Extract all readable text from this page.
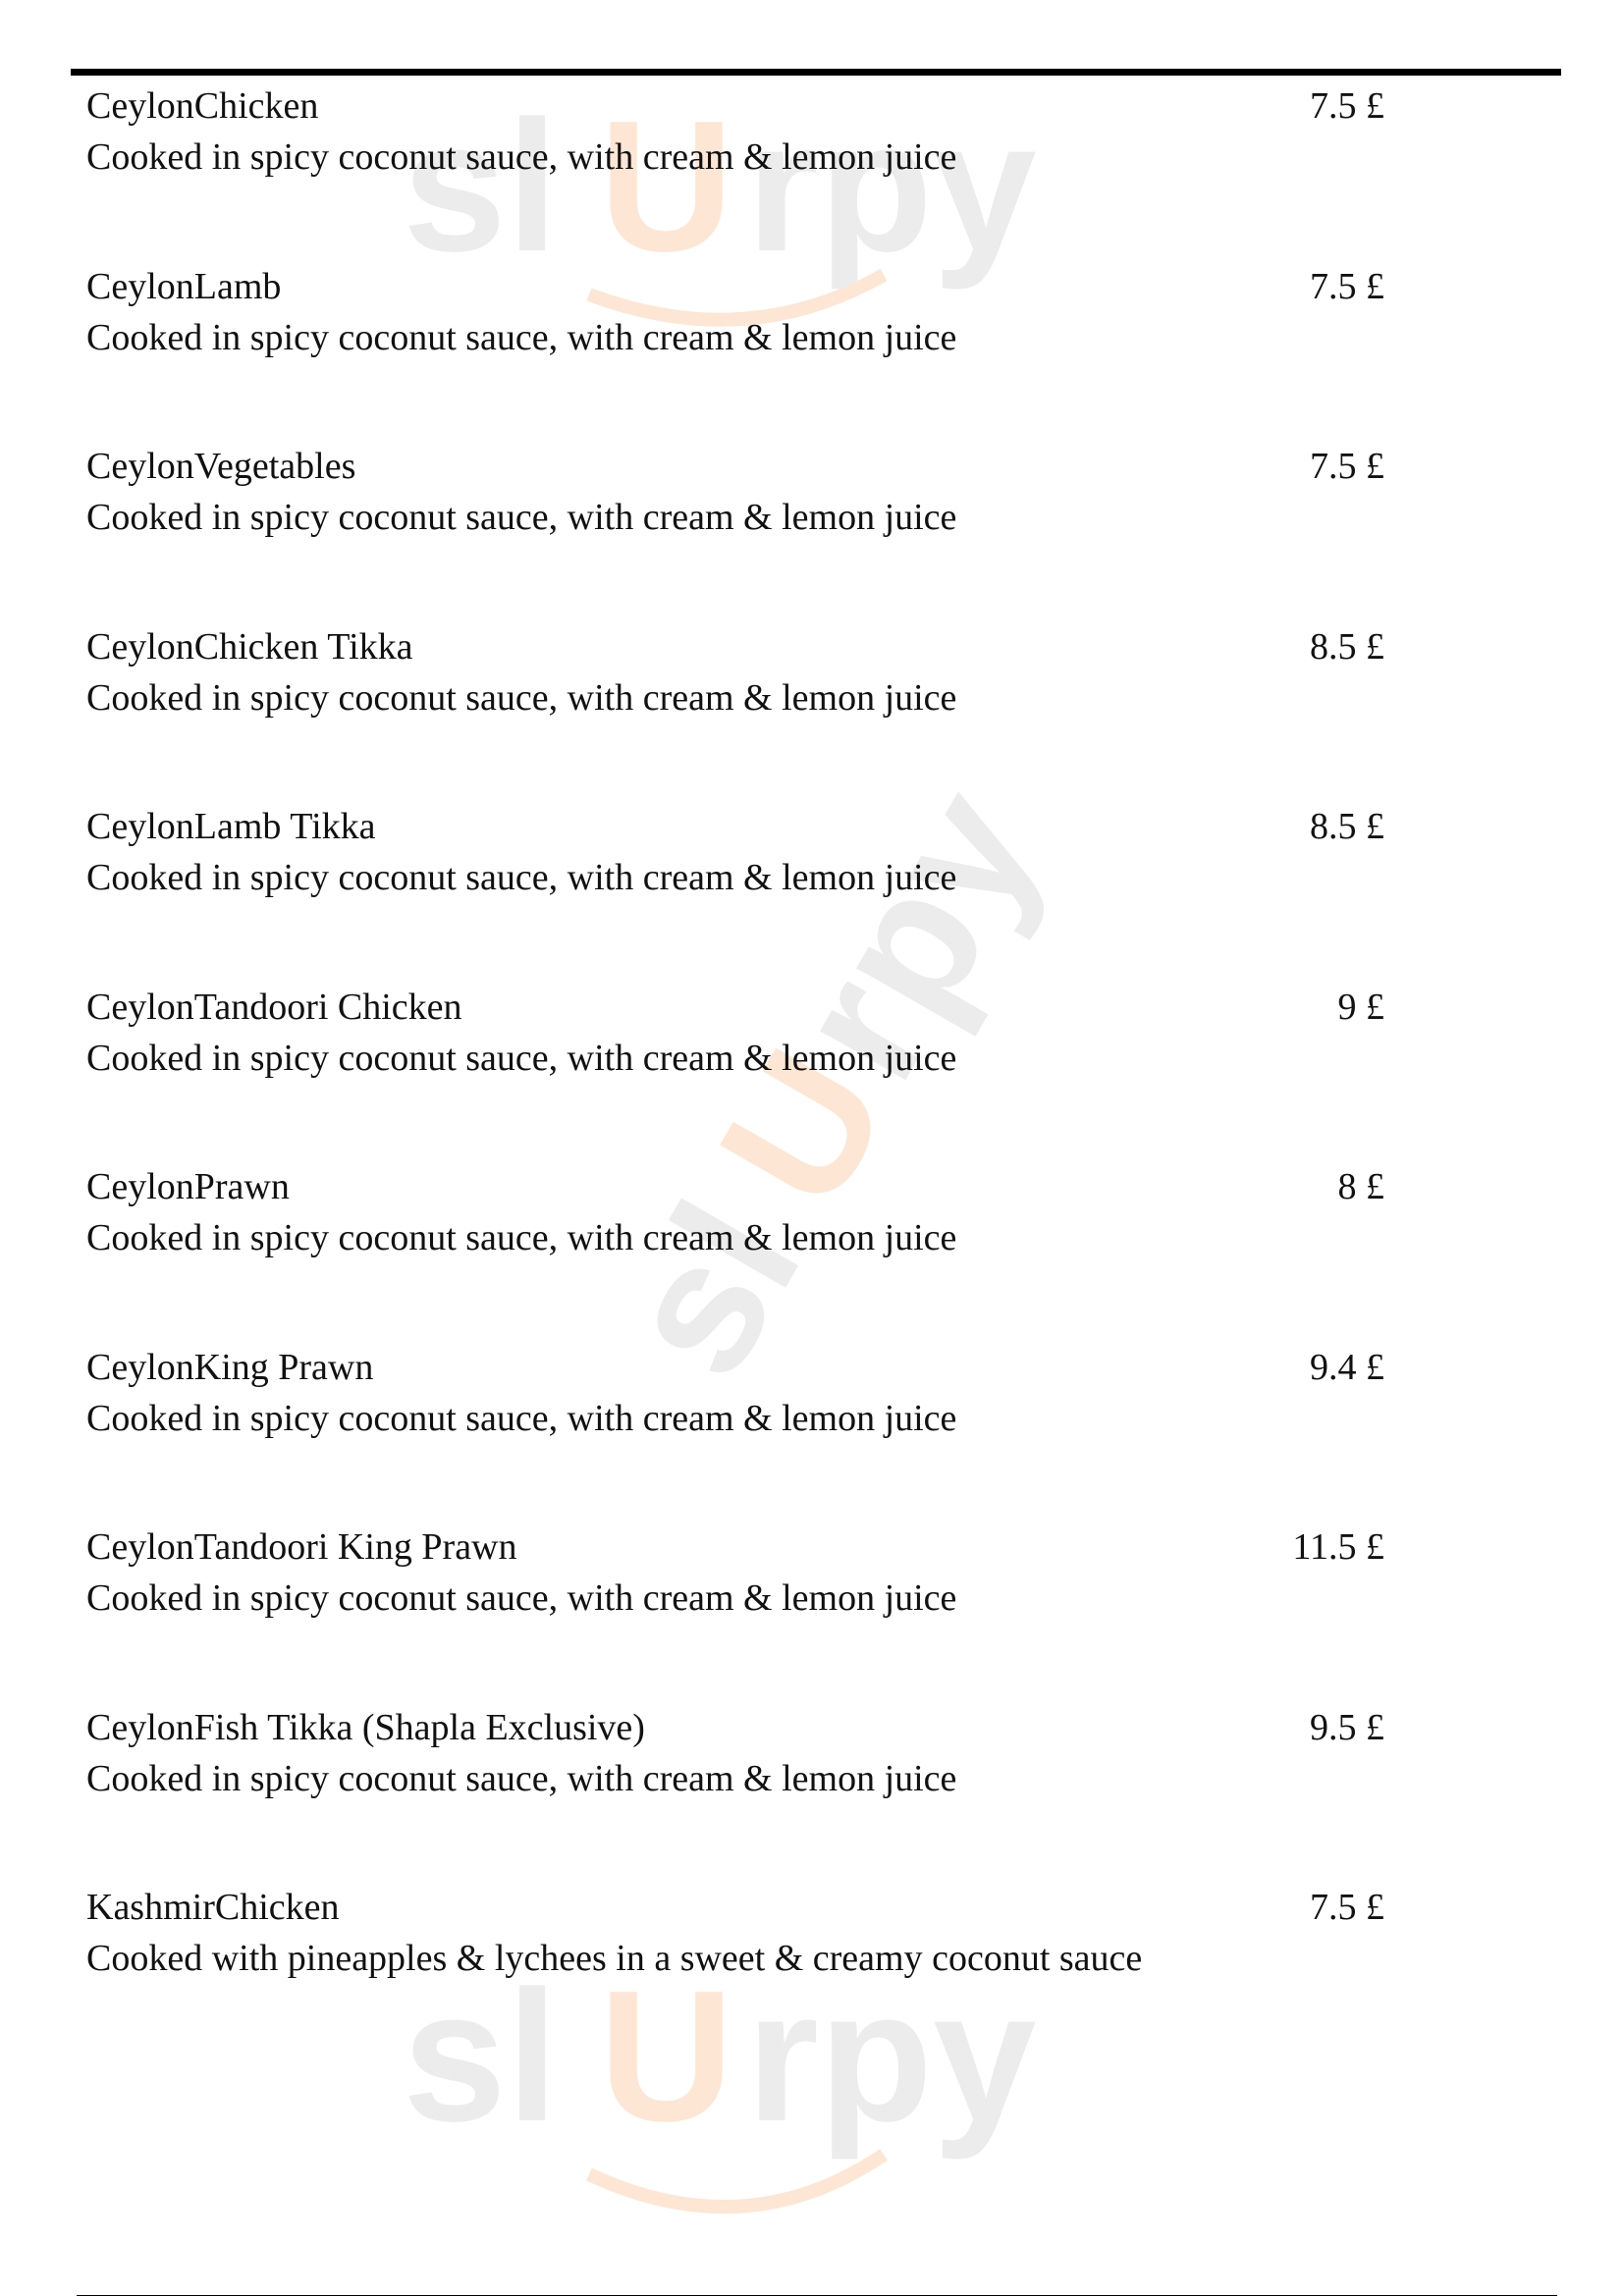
sl U rpy
sl
U
rpy
sl U rpy
CeylonChicken
Cooked in spicy coconut sauce, with cream & lemon juice
7.5 £
CeylonLamb
Cooked in spicy coconut sauce, with cream & lemon juice
7.5 £
CeylonVegetables
Cooked in spicy coconut sauce, with cream & lemon juice
7.5 £
CeylonChicken Tikka
Cooked in spicy coconut sauce, with cream & lemon juice
8.5 £
CeylonLamb Tikka
Cooked in spicy coconut sauce, with cream & lemon juice
8.5 £
CeylonTandoori Chicken
Cooked in spicy coconut sauce, with cream & lemon juice
9 £
CeylonPrawn
Cooked in spicy coconut sauce, with cream & lemon juice
8 £
CeylonKing Prawn
Cooked in spicy coconut sauce, with cream & lemon juice
9.4 £
CeylonTandoori King Prawn
Cooked in spicy coconut sauce, with cream & lemon juice
11.5 £
CeylonFish Tikka (Shapla Exclusive)
Cooked in spicy coconut sauce, with cream & lemon juice
9.5 £
KashmirChicken
Cooked with pineapples & lychees in a sweet & creamy coconut sauce
7.5 £
